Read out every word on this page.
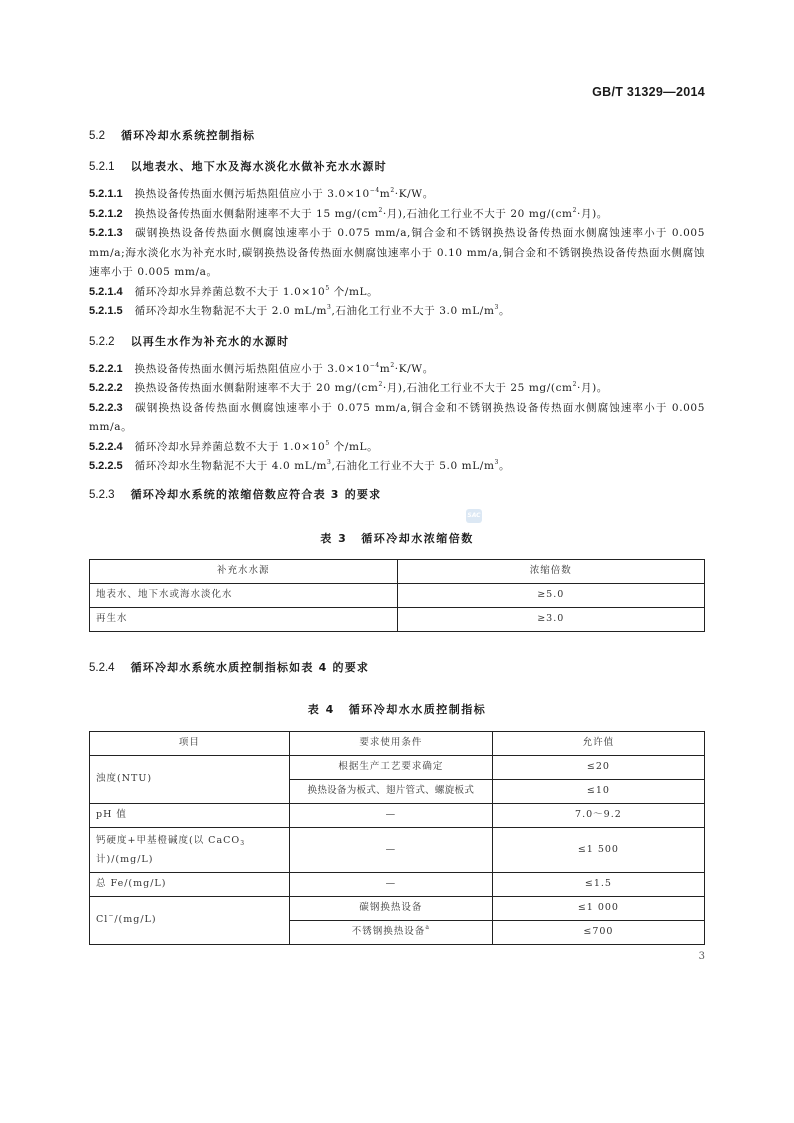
GB/T 31329—2014
5.2 循环冷却水系统控制指标
5.2.1 以地表水、地下水及海水淡化水做补充水水源时
5.2.1.1 换热设备传热面水侧污垢热阻值应小于 $3.0\times 10^{-4}m^2\cdot K/W$。
5.2.1.2 换热设备传热面水侧黏附速率不大于 15 $mg/(cm^2\cdot$月),石油化工行业不大于 20 $mg/(cm^2\cdot$月)。
5.2.1.3 碳钢换热设备传热面水侧腐蚀速率小于 0.075 mm/a,铜合金和不锈钢换热设备传热面水侧腐蚀速率小于 0.005 mm/a;海水淡化水为补充水时,碳钢换热设备传热面水侧腐蚀速率小于 0.10 mm/a,铜合金和不锈钢换热设备传热面水侧腐蚀速率小于 0.005 mm/a。
5.2.1.4 循环冷却水异养菌总数不大于 $1.0\times 10^5$ 个/mL。
5.2.1.5 循环冷却水生物黏泥不大于 2.0 $mL/m^3$,石油化工行业不大于 3.0 $mL/m^3$。
5.2.2 以再生水作为补充水的水源时
5.2.2.1 换热设备传热面水侧污垢热阻值应小于 $3.0\times 10^{-4}m^2\cdot K/W$。
5.2.2.2 换热设备传热面水侧黏附速率不大于 20 $mg/(cm^2\cdot$月),石油化工行业不大于 25 $mg/(cm^2\cdot$月)。
5.2.2.3 碳钢换热设备传热面水侧腐蚀速率小于 0.075 mm/a,铜合金和不锈钢换热设备传热面水侧腐蚀速率小于 0.005 mm/a。
5.2.2.4 循环冷却水异养菌总数不大于 $1.0\times 10^5$ 个/mL。
5.2.2.5 循环冷却水生物黏泥不大于 4.0 $mL/m^3$,石油化工行业不大于 5.0 $mL/m^3$。
5.2.3 循环冷却水系统的浓缩倍数应符合表 3 的要求
SAC
表 3 循环冷却水浓缩倍数
补充水水源	浓缩倍数
地表水、地下水或海水淡化水	≥5.0
再生水	≥3.0
5.2.4 循环冷却水系统水质控制指标如表 4 的要求
表 4 循环冷却水水质控制指标
项目	要求使用条件	允许值
浊度(NTU)	根据生产工艺要求确定	≤20
	换热设备为板式、翅片管式、螺旋板式	≤10
pH 值	—	7.0～9.2
钙硬度+甲基橙碱度(以 CaCO$_3$计)/(mg/L)	—	≤1 500
总 Fe/(mg/L)	—	≤1.5
Cl−/(mg/L)	碳钢换热设备	≤1 000
	不锈钢换热设备$^a$	≤700
3
